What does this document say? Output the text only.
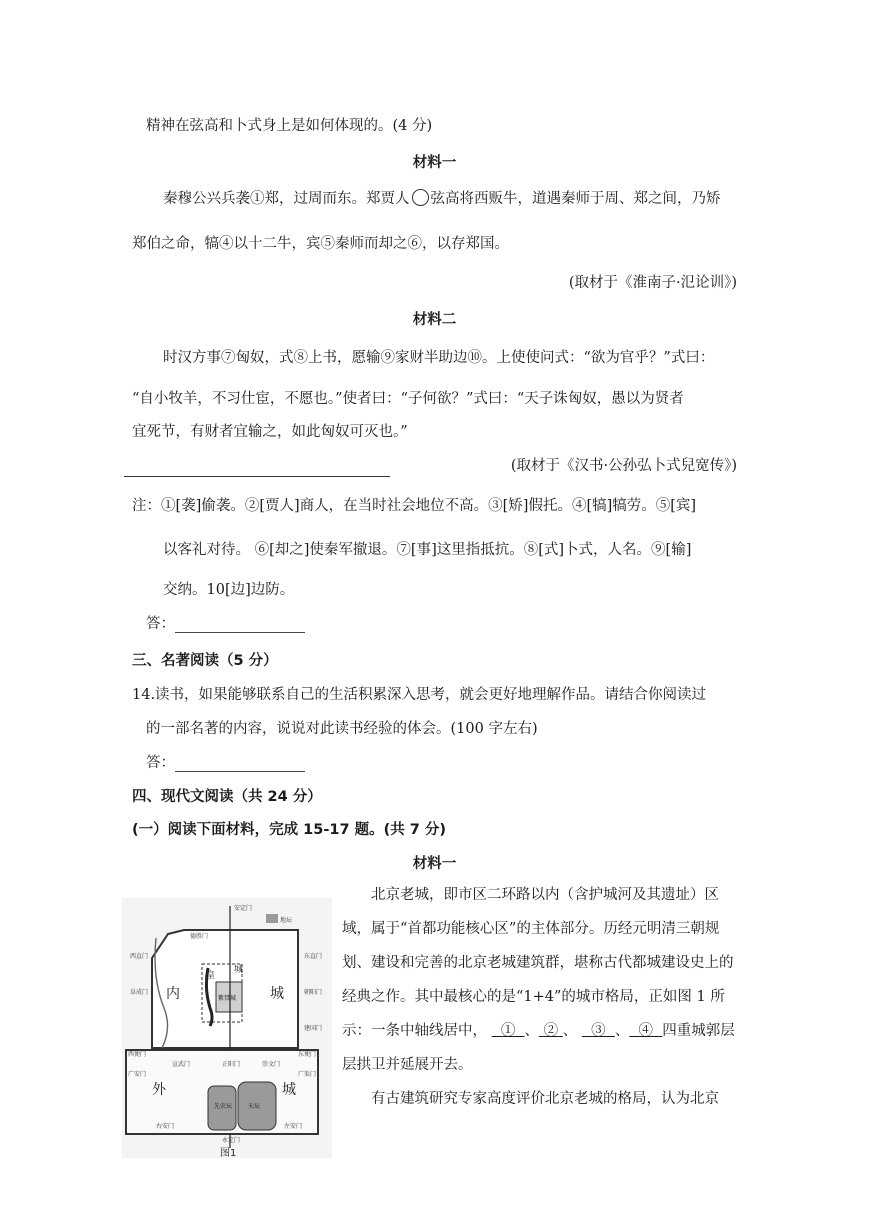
精神在弦高和卜式身上是如何体现的。(4 分)
材料一
秦穆公兴兵袭①郑，过周而东。郑贾人 弦高将西贩牛，道遇秦师于周、郑之间，乃矫
郑伯之命，犒④以十二牛，宾⑤秦师而却之⑥，以存郑国。
(取材于《淮南子·氾论训》)
材料二
时汉方事⑦匈奴，式⑧上书，愿输⑨家财半助边⑩。上使使问式：“欲为官乎？”式曰：
“自小牧羊，不习仕宦，不愿也。”使者曰：“子何欲？”式曰：“天子诛匈奴，愚以为贤者
宜死节，有财者宜输之，如此匈奴可灭也。”
(取材于《汉书·公孙弘卜式兒宽传》)
注：①[袭]偷袭。②[贾人]商人，在当时社会地位不高。③[矫]假托。④[犒]犒劳。⑤[宾]
以客礼对待。 ⑥[却之]使秦军撤退。⑦[事]这里指抵抗。⑧[式]卜式，人名。⑨[输]
交纳。10[边]边防。
答：
三、名著阅读（5 分）
14.读书，如果能够联系自己的生活积累深入思考，就会更好地理解作品。请结合你阅读过
的一部名著的内容，说说对此读书经验的体会。(100 字左右)
答：
四、现代文阅读（共 24 分）
(一）阅读下面材料，完成 15-17 题。(共 7 分)
材料一

北京老城，即市区二环路以内（含护城河及其遗址）区域，属于“首都功能核心区”的主体部分。历经元明清三朝规划、建设和完善的北京老城建筑群，堪称古代都城建设史上的经典之作。其中最核心的是“1+4”的城市格局，正如图 1 所示：一条中轴线居中， ① 、 ② 、   ③ 、 ④ 四重城郭层层拱卫并延展开去。

有古建筑研究专家高度评价北京老城的格局，认为北京

地坛
先农坛	天坛
安定门
德胜门
西直门
阜成门
东直门
朝阳门
建国门
宣武门	正阳门	崇文门
广安门	广渠门
西便门	东便门
右安门	左安门
永定门
内	城
外	城
皇
城
紫禁城
图1
